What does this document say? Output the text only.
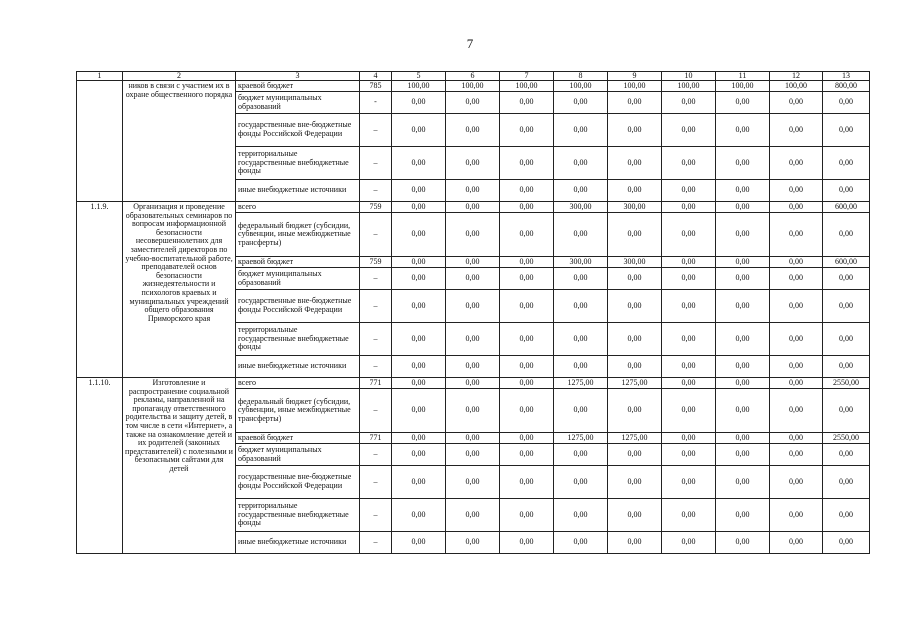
7
1	2	3	4	5	6	7	8	9	10	11	12	13
	ников в связи с участием их в охране общественного порядка	краевой бюджет	785	100,00	100,00	100,00	100,00	100,00	100,00	100,00	100,00	800,00
		бюджет муниципальных образований	-	0,00	0,00	0,00	0,00	0,00	0,00	0,00	0,00	0,00
		государственные вне-бюджетные фонды Российской Федерации	–	0,00	0,00	0,00	0,00	0,00	0,00	0,00	0,00	0,00
		территориальные государственные внебюджетные фонды	–	0,00	0,00	0,00	0,00	0,00	0,00	0,00	0,00	0,00
		иные внебюджетные источники	–	0,00	0,00	0,00	0,00	0,00	0,00	0,00	0,00	0,00
1.1.9.	Организация и проведение образовательных семинаров по вопросам информационной безопасности несовершеннолетних для заместителей директоров по учебно-воспитательной работе, преподавателей основ безопасности жизнедеятельности и психологов краевых и муниципальных учреждений общего образования Приморского края	всего	759	0,00	0,00	0,00	300,00	300,00	0,00	0,00	0,00	600,00
		федеральный бюджет (субсидии, субвенции, иные межбюджетные трансферты)	–	0,00	0,00	0,00	0,00	0,00	0,00	0,00	0,00	0,00
		краевой бюджет	759	0,00	0,00	0,00	300,00	300,00	0,00	0,00	0,00	600,00
		бюджет муниципальных образований	–	0,00	0,00	0,00	0,00	0,00	0,00	0,00	0,00	0,00
		государственные вне-бюджетные фонды Российской Федерации	–	0,00	0,00	0,00	0,00	0,00	0,00	0,00	0,00	0,00
		территориальные государственные внебюджетные фонды	–	0,00	0,00	0,00	0,00	0,00	0,00	0,00	0,00	0,00
		иные внебюджетные источники	–	0,00	0,00	0,00	0,00	0,00	0,00	0,00	0,00	0,00
1.1.10.	Изготовление и распространение социальной рекламы, направленной на пропаганду ответственного родительства и защиту детей, в том числе в сети «Интернет», а также на ознакомление детей и их родителей (законных представителей) с полезными и безопасными сайтами для детей	всего	771	0,00	0,00	0,00	1275,00	1275,00	0,00	0,00	0,00	2550,00
		федеральный бюджет (субсидии, субвенции, иные межбюджетные трансферты)	–	0,00	0,00	0,00	0,00	0,00	0,00	0,00	0,00	0,00
		краевой бюджет	771	0,00	0,00	0,00	1275,00	1275,00	0,00	0,00	0,00	2550,00
		бюджет муниципальных образований	–	0,00	0,00	0,00	0,00	0,00	0,00	0,00	0,00	0,00
		государственные вне-бюджетные фонды Российской Федерации	–	0,00	0,00	0,00	0,00	0,00	0,00	0,00	0,00	0,00
		территориальные государственные внебюджетные фонды	–	0,00	0,00	0,00	0,00	0,00	0,00	0,00	0,00	0,00
		иные внебюджетные источники	–	0,00	0,00	0,00	0,00	0,00	0,00	0,00	0,00	0,00
